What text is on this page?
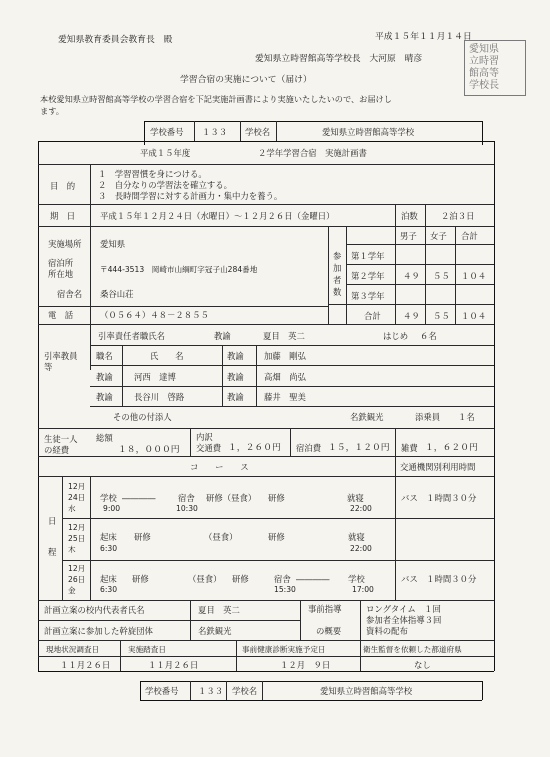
愛知県教育委員会教育長　殿	平成１５年１１月１４日
愛知県立時習館高等学校長　大河原　晴彦
愛知県
立時習
館高等
学校長
学習合宿の実施について（届け）
本校愛知県立時習館高等学校の学習合宿を下記実施計画書により実施いたしたいので、お届けし
ます。
学校番号 １３３ 学校名	愛知県立時習館高等学校
平成１５年度	２学年学習合宿　実施計画書
目　的
１　学習習慣を身につける。
２　自分なりの学習法を確立する。
３　長時間学習に対する計画力・集中力を養う。
期　日	平成１５年１２月２４日（水曜日）～１２月２６日（金曜日）	泊数	２泊３日
実施場所 愛知県
宿泊所
所在地	〒444-3513　岡崎市山綱町字冠子山284番地
宿舎名 桑谷山荘
電　話	（０５６４）４８－２８５５
参
加
者
数
男子 女子 合計
第１学年
第２学年 ４９ ５５ １０４
第３学年
合計	４９ ５５ １０４
引率教員
等
引率責任者職氏名	教諭	夏目　英二	はじめ ６名
職名	氏　　名	教諭 加藤　剛弘
教諭	河西　達博	教諭 高畑　尚弘
教諭	長谷川　啓路	教諭 藤井　聖美
その他の付添人	名鉄観光	添乗員 １名
生徒一人
の経費
総額
１８，０００円
内訳
交通費 １，２６０円 宿泊費 １５，１２０円 雑費 １，６２０円
コ　　ー　　ス	交通機関別利用時間
日
程
12月
24日
水
学校 ――――	宿舎 研修（昼食） 研修	就寝
9:00	10:30	22:00
バス　１時間３０分
12月
25日
木
起床 研修	（昼食）	研修	就寝
6:30	22:00
12月
26日
金
起床 研修	（昼食） 研修	宿舎 ―――― 学校
6:30	15:30	17:00
バス　１時間３０分
計画立案の校内代表者氏名	夏目　英二
計画立案に参加した幹旋団体	名鉄観光
事前指導
の概要
ロングタイム　１回
参加者全体指導３回
資料の配布
現地状況調査日	実施踏査日	事前健康診断実施予定日	衛生監督を依頼した都道府県
１１月２６日	１１月２６日	１２月　９日	なし
学校番号 １３３ 学校名	愛知県立時習館高等学校
